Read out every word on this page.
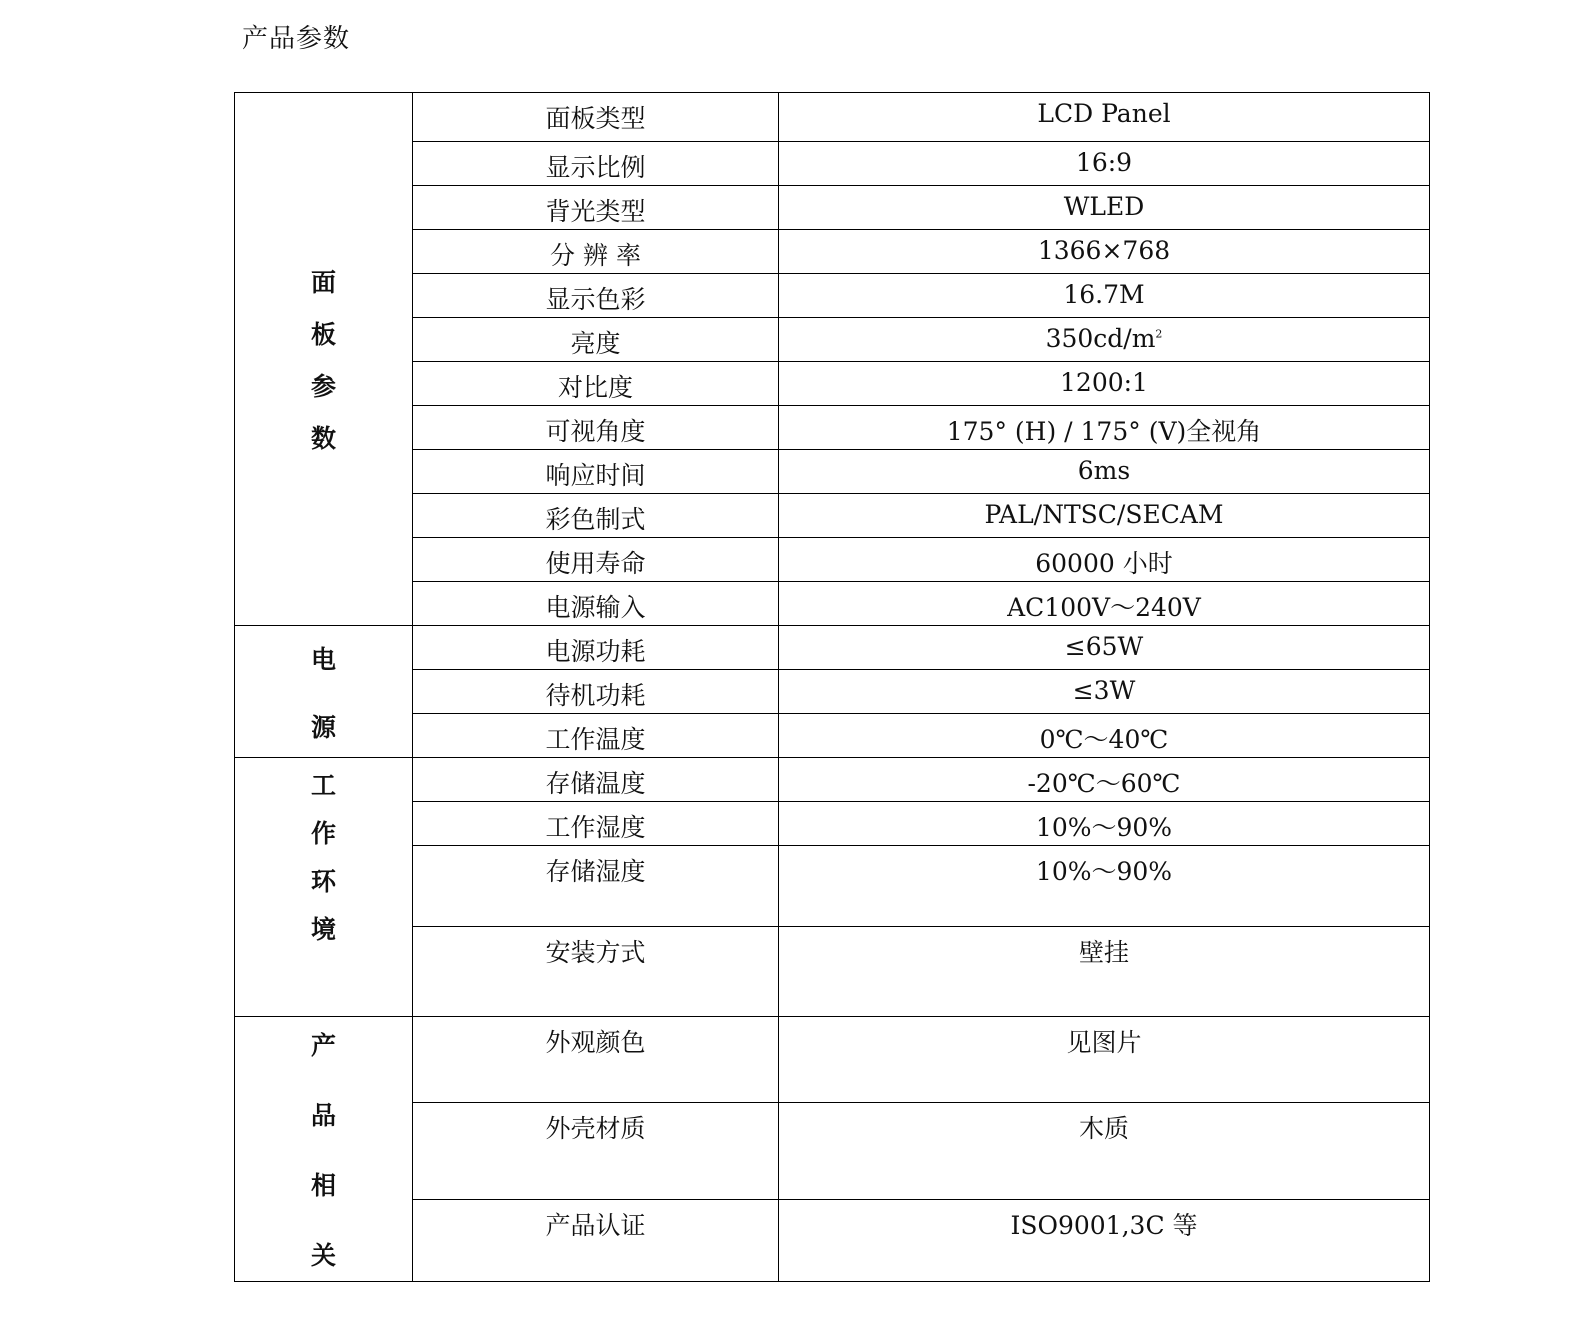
产品参数
面
板
参
数	面板类型	LCD Panel
	显示比例	16:9
	背光类型	WLED
	分 辨 率	1366×768
	显示色彩	16.7M
	亮度	$350cd/m^2$
	对比度	1200:1
	可视角度	175° (H) / 175° (V)全视角
	响应时间	6ms
	彩色制式	PAL/NTSC/SECAM
	使用寿命	60000 小时
	电源输入	AC100V～240V

电
源	电源功耗	≤65W
	待机功耗	≤3W
	工作温度	0℃～40℃

工
作
环
境	存储温度	-20℃～60℃
	工作湿度	10%～90%
	存储湿度	10%～90%
	安装方式	壁挂

产
品
相
关	外观颜色	见图片
	外壳材质	木质
	产品认证	ISO9001,3C 等
